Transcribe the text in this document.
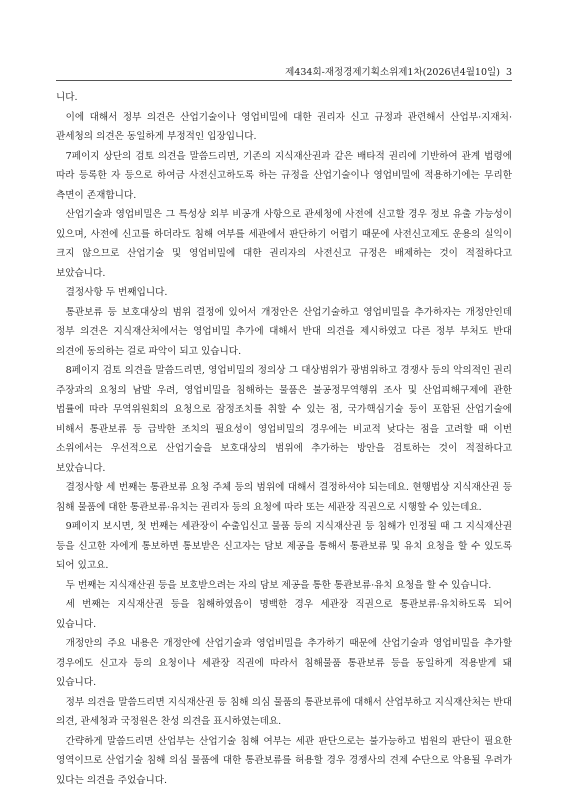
제434회-재정경제기획소위제1차(2026년4월10일) 3

니다.

이에 대해서 정부 의견은 산업기술이나 영업비밀에 대한 권리자 신고 규정과 관련해서 산업부·지재처·관세청의 의견은 동일하게 부정적인 입장입니다.

7페이지 상단의 검토 의견을 말씀드리면, 기존의 지식재산권과 같은 배타적 권리에 기반하여 관계 법령에 따라 등록한 자 등으로 하여금 사전신고하도록 하는 규정을 산업기술이나 영업비밀에 적용하기에는 무리한 측면이 존재합니다.

산업기술과 영업비밀은 그 특성상 외부 비공개 사항으로 관세청에 사전에 신고할 경우 정보 유출 가능성이 있으며, 사전에 신고를 하더라도 침해 여부를 세관에서 판단하기 어렵기 때문에 사전신고제도 운용의 실익이 크지 않으므로 산업기술 및 영업비밀에 대한 권리자의 사전신고 규정은 배제하는 것이 적절하다고 보았습니다.

결정사항 두 번째입니다.

통관보류 등 보호대상의 범위 결정에 있어서 개정안은 산업기술하고 영업비밀을 추가하자는 개정안인데 정부 의견은 지식재산처에서는 영업비밀 추가에 대해서 반대 의견을 제시하였고 다른 정부 부처도 반대 의견에 동의하는 걸로 파악이 되고 있습니다.

8페이지 검토 의견을 말씀드리면, 영업비밀의 정의상 그 대상범위가 광범위하고 경쟁사 등의 악의적인 권리 주장과의 요청의 남발 우려, 영업비밀을 침해하는 물품은 불공정무역행위 조사 및 산업피해구제에 관한 법률에 따라 무역위원회의 요청으로 잠정조치를 취할 수 있는 점, 국가핵심기술 등이 포함된 산업기술에 비해서 통관보류 등 급박한 조치의 필요성이 영업비밀의 경우에는 비교적 낮다는 점을 고려할 때 이번 소위에서는 우선적으로 산업기술을 보호대상의 범위에 추가하는 방안을 검토하는 것이 적절하다고 보았습니다.

결정사항 세 번째는 통관보류 요청 주체 등의 범위에 대해서 결정하셔야 되는데요. 현행법상 지식재산권 등 침해 물품에 대한 통관보류·유치는 권리자 등의 요청에 따라 또는 세관장 직권으로 시행할 수 있는데요.

9페이지 보시면, 첫 번째는 세관장이 수출입신고 물품 등의 지식재산권 등 침해가 인정될 때 그 지식재산권 등을 신고한 자에게 통보하면 통보받은 신고자는 담보 제공을 통해서 통관보류 및 유치 요청을 할 수 있도록 되어 있고요.

두 번째는 지식재산권 등을 보호받으려는 자의 담보 제공을 통한 통관보류·유치 요청을 할 수 있습니다.

세 번째는 지식재산권 등을 침해하였음이 명백한 경우 세관장 직권으로 통관보류·유치하도록 되어 있습니다.

개정안의 주요 내용은 개정안에 산업기술과 영업비밀을 추가하기 때문에 산업기술과 영업비밀을 추가할 경우에도 신고자 등의 요청이나 세관장 직권에 따라서 침해물품 통관보류 등을 동일하게 적용받게 돼 있습니다.

정부 의견을 말씀드리면 지식재산권 등 침해 의심 물품의 통관보류에 대해서 산업부하고 지식재산처는 반대 의견, 관세청과 국정원은 찬성 의견을 표시하였는데요.

간략하게 말씀드리면 산업부는 산업기술 침해 여부는 세관 판단으로는 불가능하고 법원의 판단이 필요한 영역이므로 산업기술 침해 의심 물품에 대한 통관보류를 허용할 경우 경쟁사의 견제 수단으로 악용될 우려가 있다는 의견을 주었습니다.
